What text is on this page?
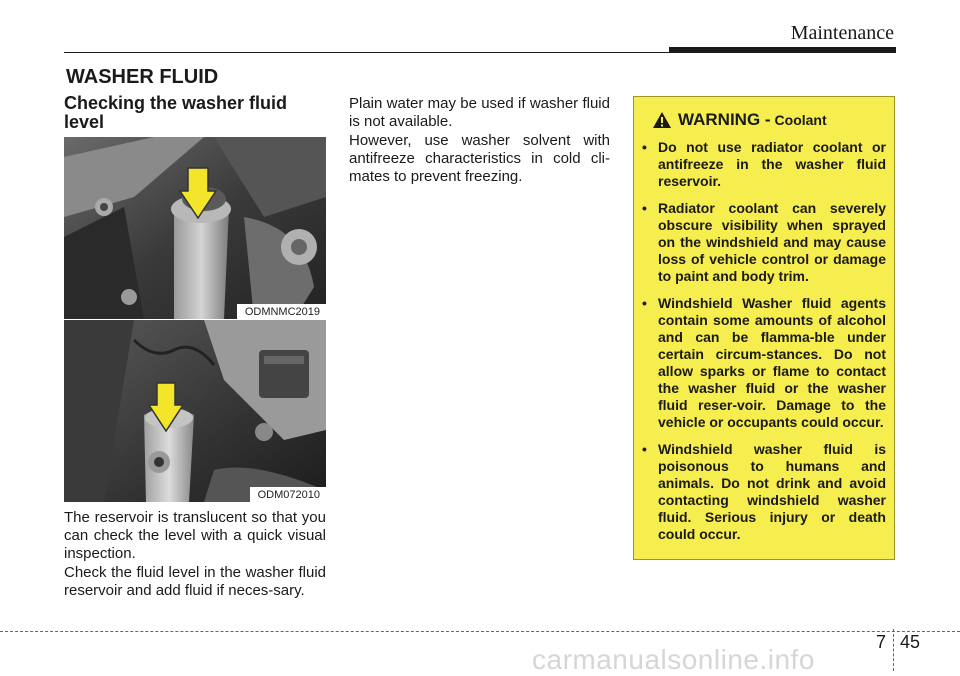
Maintenance
WASHER FLUID
Checking the washer fluid level
ODMNMC2019
ODM072010

The reservoir is translucent so that you can check the level with a quick visual inspection.

Check the fluid level in the washer fluid reservoir and add fluid if neces-sary.

Plain water may be used if washer fluid is not available.

However, use washer solvent with antifreeze characteristics in cold cli-mates to prevent freezing.

WARNING - Coolant
• Do not use radiator coolant or antifreeze in the washer fluid reservoir.
• Radiator coolant can severely obscure visibility when sprayed on the windshield and may cause loss of vehicle control or damage to paint and body trim.
• Windshield Washer fluid agents contain some amounts of alcohol and can be flamma-ble under certain circum-stances. Do not allow sparks or flame to contact the washer fluid or the washer fluid reser-voir. Damage to the vehicle or occupants could occur.
• Windshield washer fluid is poisonous to humans and animals. Do not drink and avoid contacting windshield washer fluid. Serious injury or death could occur.
7 45
carmanualsonline.info
